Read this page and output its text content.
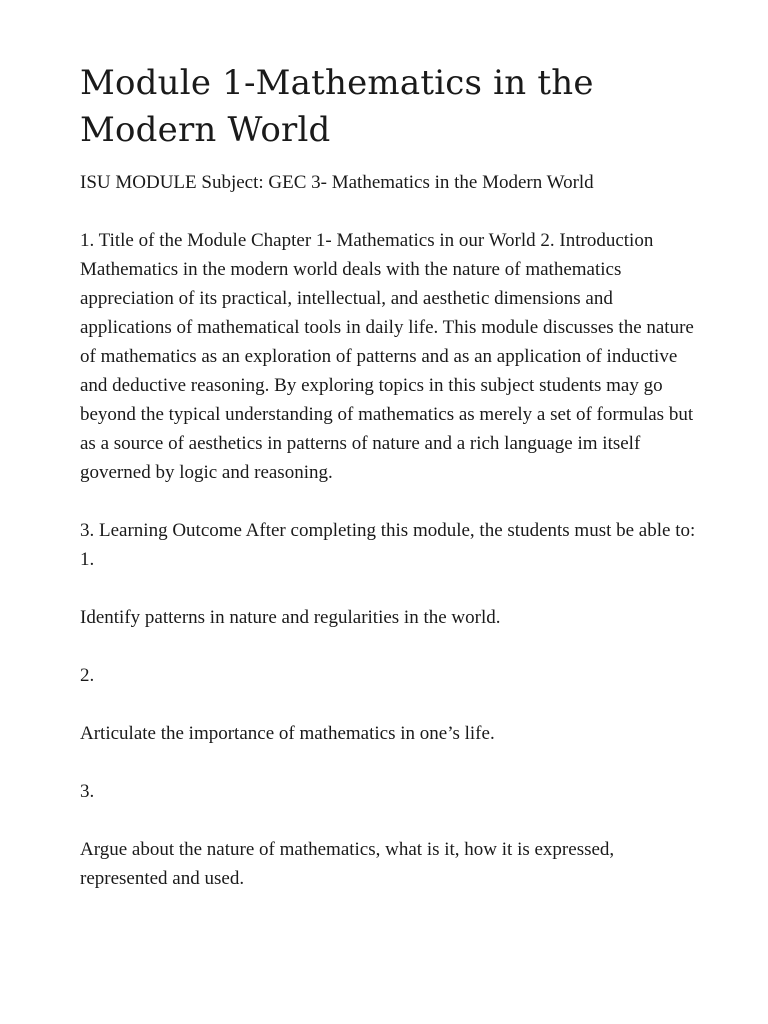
Module 1-Mathematics in the Modern World

ISU MODULE Subject: GEC 3- Mathematics in the Modern World

1. Title of the Module Chapter 1- Mathematics in our World 2. Introduction Mathematics in the modern world deals with the nature of mathematics appreciation of its practical, intellectual, and aesthetic dimensions and applications of mathematical tools in daily life. This module discusses the nature of mathematics as an exploration of patterns and as an application of inductive and deductive reasoning. By exploring topics in this subject students may go beyond the typical understanding of mathematics as merely a set of formulas but as a source of aesthetics in patterns of nature and a rich language im itself governed by logic and reasoning.

3. Learning Outcome After completing this module, the students must be able to: 1.

Identify patterns in nature and regularities in the world.

2.

Articulate the importance of mathematics in one’s life.

3.

Argue about the nature of mathematics, what is it, how it is expressed, represented and used.
